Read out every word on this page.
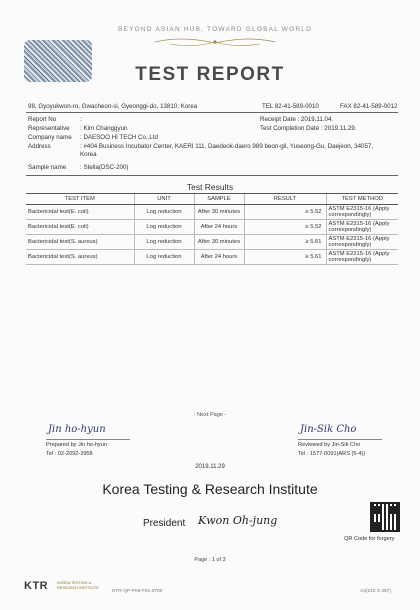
BEYOND ASIAN HUB, TOWARD GLOBAL WORLD
TEST REPORT
98, Gyoyukwon-ro, Gwacheon-si, Gyeonggi-do, 13810, Korea	TEL 82-41-589-0010	FAX 82-41-589-0012
Report No	:	Receipt Date : 2019.11.04.
Representative : Kim Changgyun	Test Completion Date : 2019.11.29.
Company name : DAESOO HI TECH Co.,Ltd
Address	: #404 Business Incubator Center, KAERI 111, Daedeok-daero 989 beon-gil, Yuseong-Gu, Daejeon, 34057,
Korea
Sample name : Stella(DSC-200)
Test Results
TEST ITEM	UNIT	SAMPLE	RESULT	TEST METHOD
Bactericidal test(E. coli)	Log reduction	After 30 minutes	≥ 5.52	ASTM E2315-16 (Apply correspondingly)
Bactericidal test(E. coli)	Log reduction	After 24 hours	≥ 5.52	ASTM E2315-16 (Apply correspondingly)
Bactericidal test(S. aureus)	Log reduction	After 30 minutes	≥ 5.61	ASTM E2315-16 (Apply correspondingly)
Bactericidal test(S. aureus)	Log reduction	After 24 hours	≥ 5.61	ASTM E2315-16 (Apply correspondingly)
- Next Page -
Jin ho-hyun
Prepared by Jin ho-hyun
Tel : 02-2092-3958
Jin-Sik Cho
Reviewed by Jin-Sik Cho
Tel : 1577-0091(ARS (5-4))
2019.11.29
Korea Testing & Research Institute
President Kwon Oh-jung
QR Code for forgery
Page : 1 of 3
KTR KOREA TESTING &
RESEARCH INSTITUTE
KTR-QP-P09-F01-0700	A4(210 X 297)
